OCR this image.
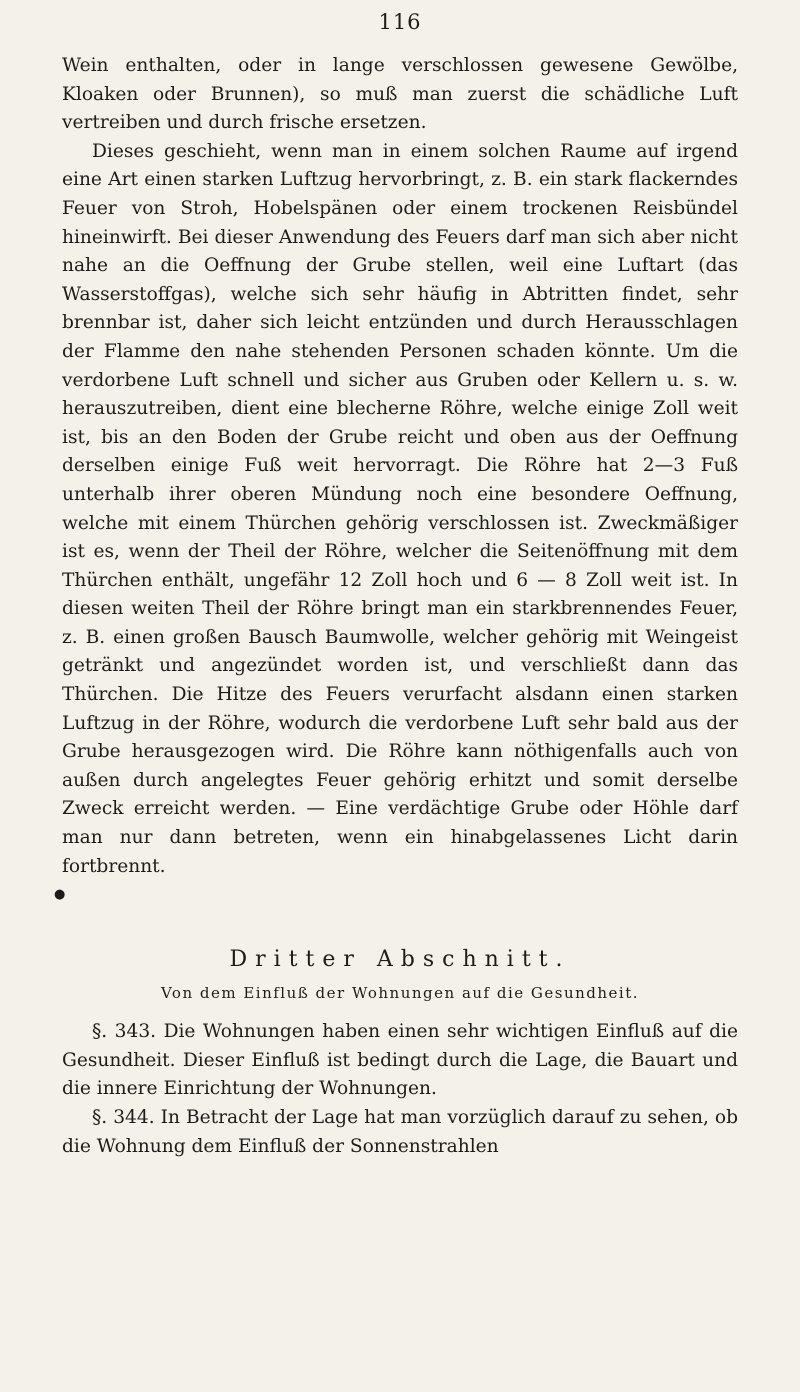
116

Wein enthalten, oder in lange verschlossen gewesene Gewölbe, Kloaken oder Brunnen), so muß man zuerst die schädliche Luft vertreiben und durch frische ersetzen.

Dieses geschieht, wenn man in einem solchen Raume auf irgend eine Art einen starken Luftzug hervorbringt, z. B. ein stark flackerndes Feuer von Stroh, Hobelspänen oder einem trockenen Reisbündel hineinwirft. Bei dieser Anwendung des Feuers darf man sich aber nicht nahe an die Oeffnung der Grube stellen, weil eine Luftart (das Wasserstoffgas), welche sich sehr häufig in Abtritten findet, sehr brennbar ist, daher sich leicht entzünden und durch Herausschlagen der Flamme den nahe stehenden Personen schaden könnte. Um die verdorbene Luft schnell und sicher aus Gruben oder Kellern u. s. w. herauszutreiben, dient eine blecherne Röhre, welche einige Zoll weit ist, bis an den Boden der Grube reicht und oben aus der Oeffnung derselben einige Fuß weit hervorragt. Die Röhre hat 2—3 Fuß unterhalb ihrer oberen Mündung noch eine besondere Oeffnung, welche mit einem Thürchen gehörig verschlossen ist. Zweckmäßiger ist es, wenn der Theil der Röhre, welcher die Seitenöffnung mit dem Thürchen enthält, ungefähr 12 Zoll hoch und 6 — 8 Zoll weit ist. In diesen weiten Theil der Röhre bringt man ein starkbrennendes Feuer, z. B. einen großen Bausch Baumwolle, welcher gehörig mit Weingeist getränkt und angezündet worden ist, und verschließt dann das Thürchen. Die Hitze des Feuers verurfacht alsdann einen starken Luftzug in der Röhre, wodurch die verdorbene Luft sehr bald aus der Grube herausgezogen wird. Die Röhre kann nöthigenfalls auch von außen durch angelegtes Feuer gehörig erhitzt und somit derselbe Zweck erreicht werden. — Eine verdächtige Grube oder Höhle darf man nur dann betreten, wenn ein hinabgelassenes Licht darin fortbrennt.

●
Dritter Abschnitt.
Von dem Einfluß der Wohnungen auf die Gesundheit.

§. 343. Die Wohnungen haben einen sehr wichtigen Einfluß auf die Gesundheit. Dieser Einfluß ist bedingt durch die Lage, die Bauart und die innere Einrichtung der Wohnungen.

§. 344. In Betracht der Lage hat man vorzüglich darauf zu sehen, ob die Wohnung dem Einfluß der Sonnenstrahlen
